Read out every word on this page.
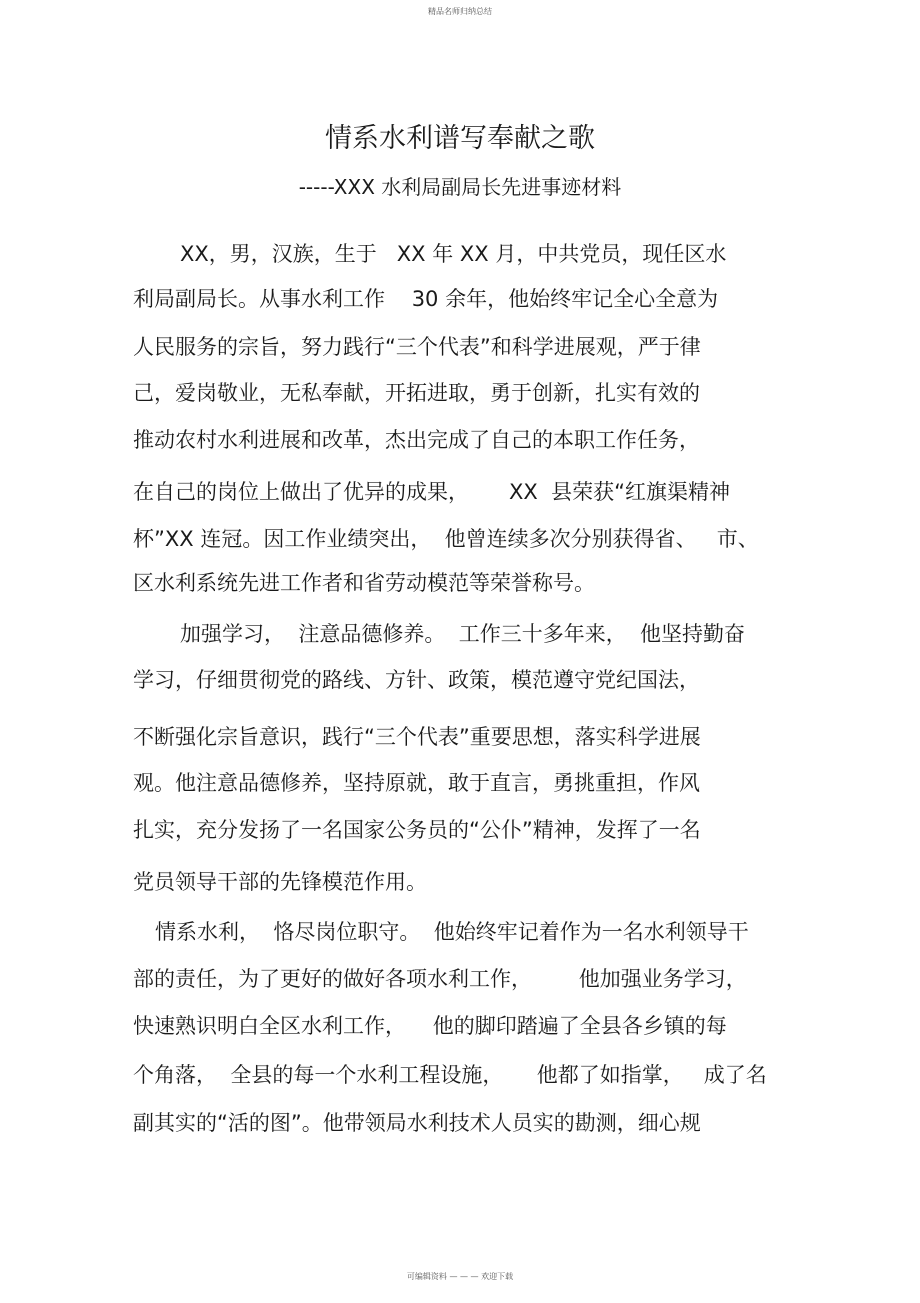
精品名师归纳总结
情系水利谱写奉献之歌
-----XXX 水利局副局长先进事迹材料
XX，男，汉族，生于   XX 年 XX 月，中共党员，现任区水
利局副局长。从事水利工作    30 余年，他始终牢记全心全意为
人民服务的宗旨，努力践行“三个代表”和科学进展观，严于律
己，爱岗敬业，无私奉献，开拓进取，勇于创新，扎实有效的
推动农村水利进展和改革，杰出完成了自己的本职工作任务，
在自己的岗位上做出了优异的成果，      XX  县荣获“红旗渠精神
杯”XX 连冠。因工作业绩突出，  他曾连续多次分别获得省、   市、
区水利系统先进工作者和省劳动模范等荣誉称号。
加强学习，  注意品德修养。  工作三十多年来，  他坚持勤奋
学习，仔细贯彻党的路线、方针、政策，模范遵守党纪国法，
不断强化宗旨意识，践行“三个代表”重要思想，落实科学进展
观。他注意品德修养，坚持原就，敢于直言，勇挑重担，作风
扎实，充分发扬了一名国家公务员的“公仆”精神，发挥了一名
党员领导干部的先锋模范作用。
情系水利，  恪尽岗位职守。  他始终牢记着作为一名水利领导干
部的责任，为了更好的做好各项水利工作，       他加强业务学习，
快速熟识明白全区水利工作，    他的脚印踏遍了全县各乡镇的每
个角落，  全县的每一个水利工程设施，     他都了如指掌，   成了名
副其实的“活的图”。他带领局水利技术人员实的勘测，细心规
可编辑资料 — — — 欢迎下载
